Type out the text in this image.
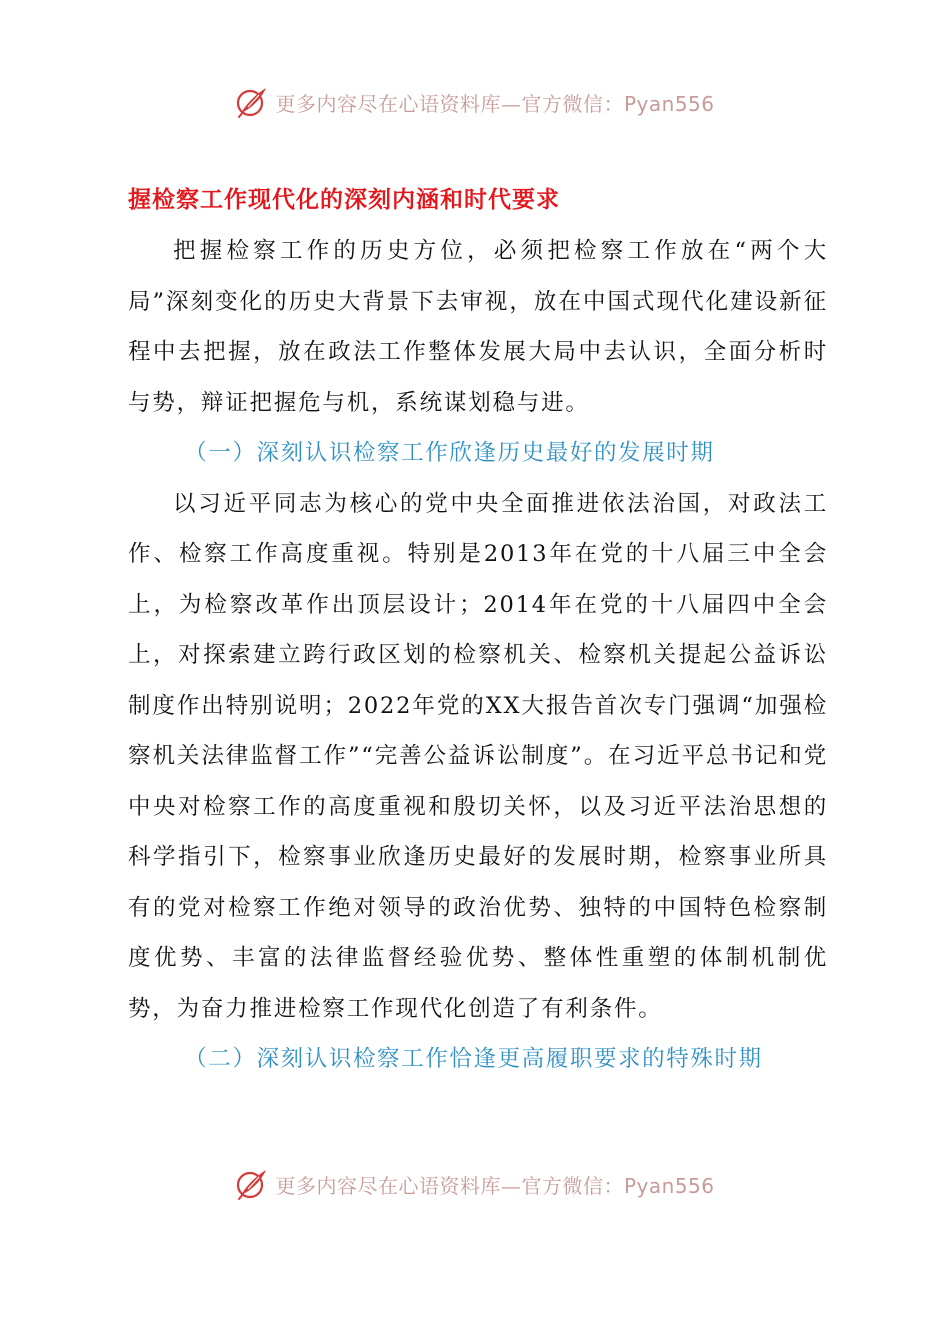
更多内容尽在心语资料库—官方微信：Pyan556

握检察工作现代化的深刻内涵和时代要求

把握检察工作的历史方位，必须把检察工作放在“两个大局”深刻变化的历史大背景下去审视，放在中国式现代化建设新征程中去把握，放在政法工作整体发展大局中去认识，全面分析时与势，辩证把握危与机，系统谋划稳与进。

（一）深刻认识检察工作欣逢历史最好的发展时期

以习近平同志为核心的党中央全面推进依法治国，对政法工作、检察工作高度重视。特别是2013年在党的十八届三中全会上，为检察改革作出顶层设计；2014年在党的十八届四中全会上，对探索建立跨行政区划的检察机关、检察机关提起公益诉讼制度作出特别说明；2022年党的XX大报告首次专门强调“加强检察机关法律监督工作”“完善公益诉讼制度”。在习近平总书记和党中央对检察工作的高度重视和殷切关怀，以及习近平法治思想的科学指引下，检察事业欣逢历史最好的发展时期，检察事业所具有的党对检察工作绝对领导的政治优势、独特的中国特色检察制度优势、丰富的法律监督经验优势、整体性重塑的体制机制优势，为奋力推进检察工作现代化创造了有利条件。

（二）深刻认识检察工作恰逢更高履职要求的特殊时期

更多内容尽在心语资料库—官方微信：Pyan556
